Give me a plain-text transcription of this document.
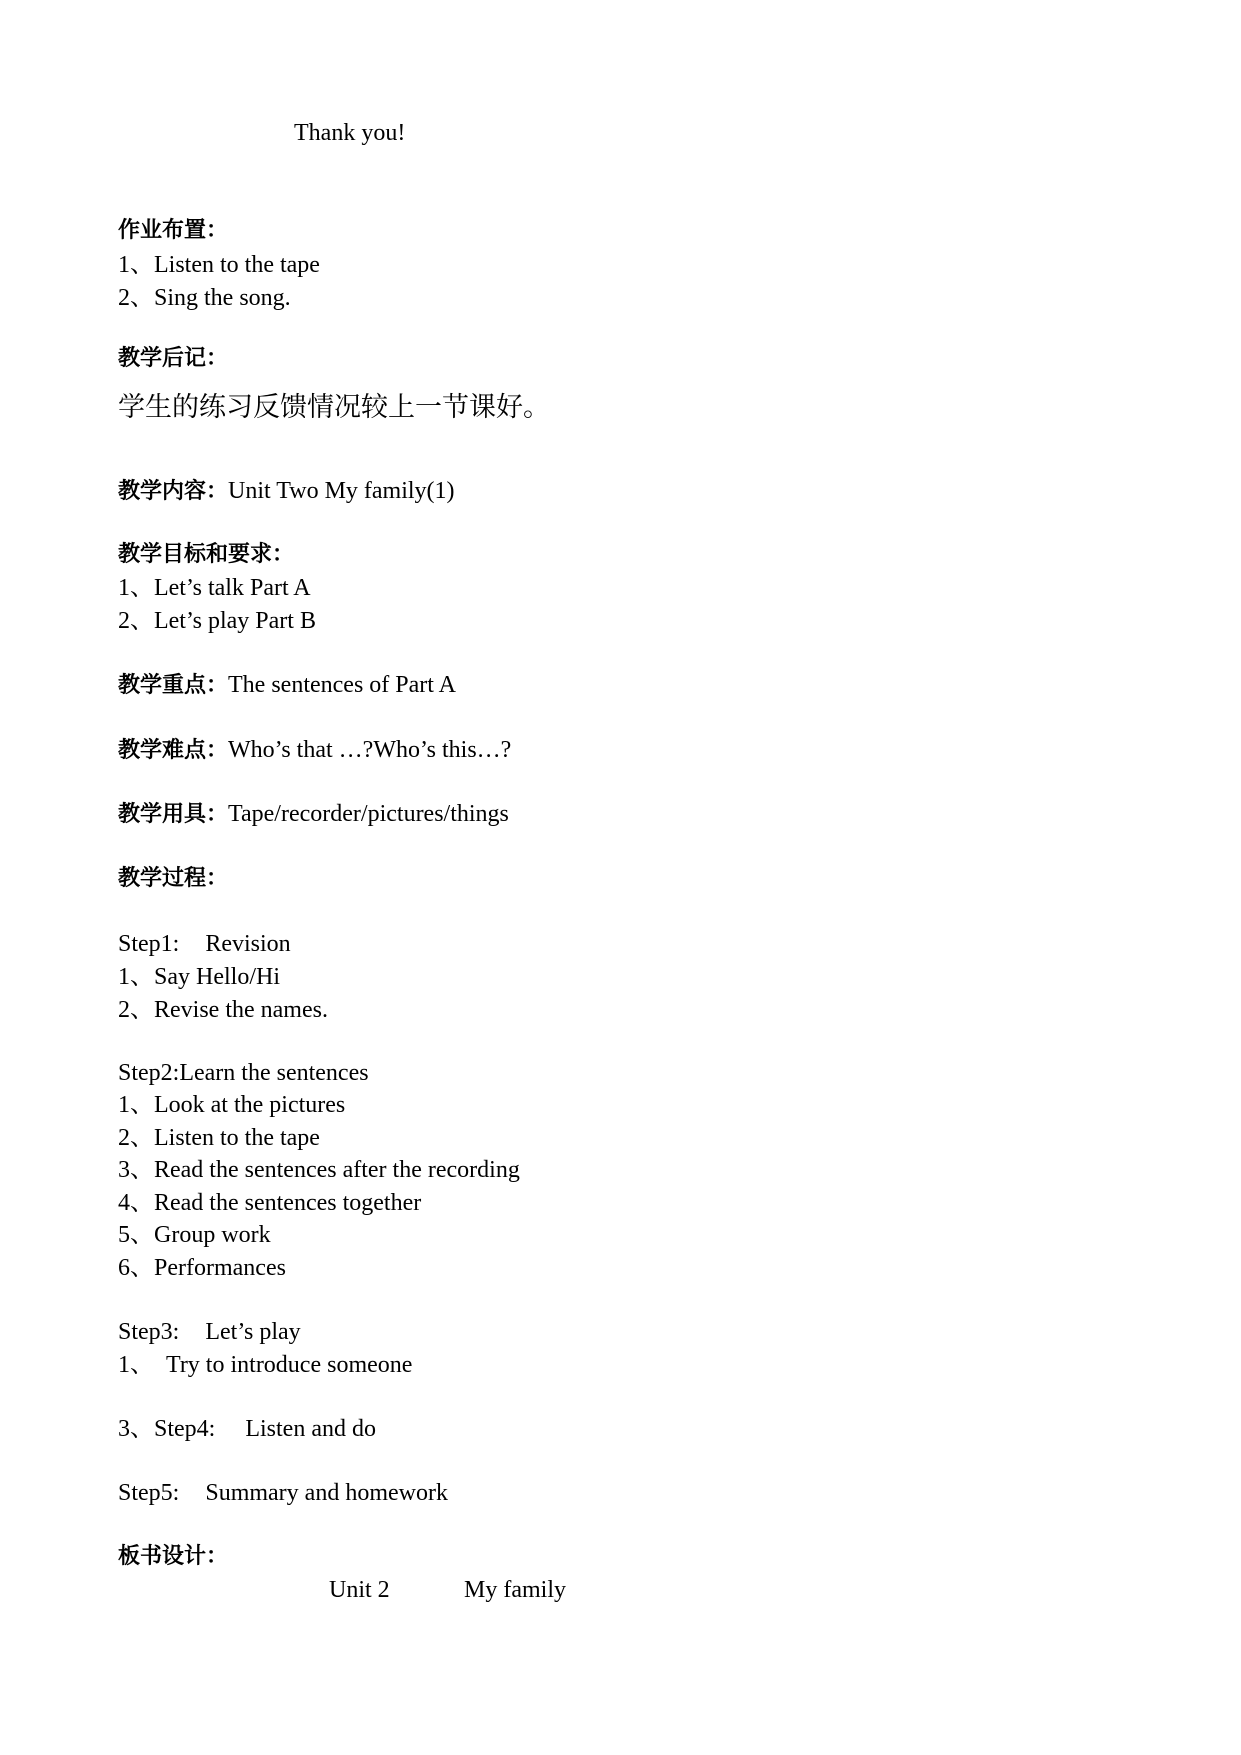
Thank you!
作业布置：
1、Listen to the tape
2、Sing the song.
教学后记：
学生的练习反馈情况较上一节课好。
教学内容：Unit Two My family(1)
教学目标和要求：
1、Let’s talk Part A
2、Let’s play Part B
教学重点：The sentences of Part A
教学难点：Who’s that …?Who’s this…?
教学用具：Tape/recorder/pictures/things
教学过程：
Step1: Revision
1、Say Hello/Hi
2、Revise the names.
Step2:Learn the sentences
1、Look at the pictures
2、Listen to the tape
3、Read the sentences after the recording
4、Read the sentences together
5、Group work
6、Performances
Step3: Let’s play
1、 Try to introduce someone
3、Step4: Listen and do
Step5: Summary and homework
板书设计：
Unit 2	My family
